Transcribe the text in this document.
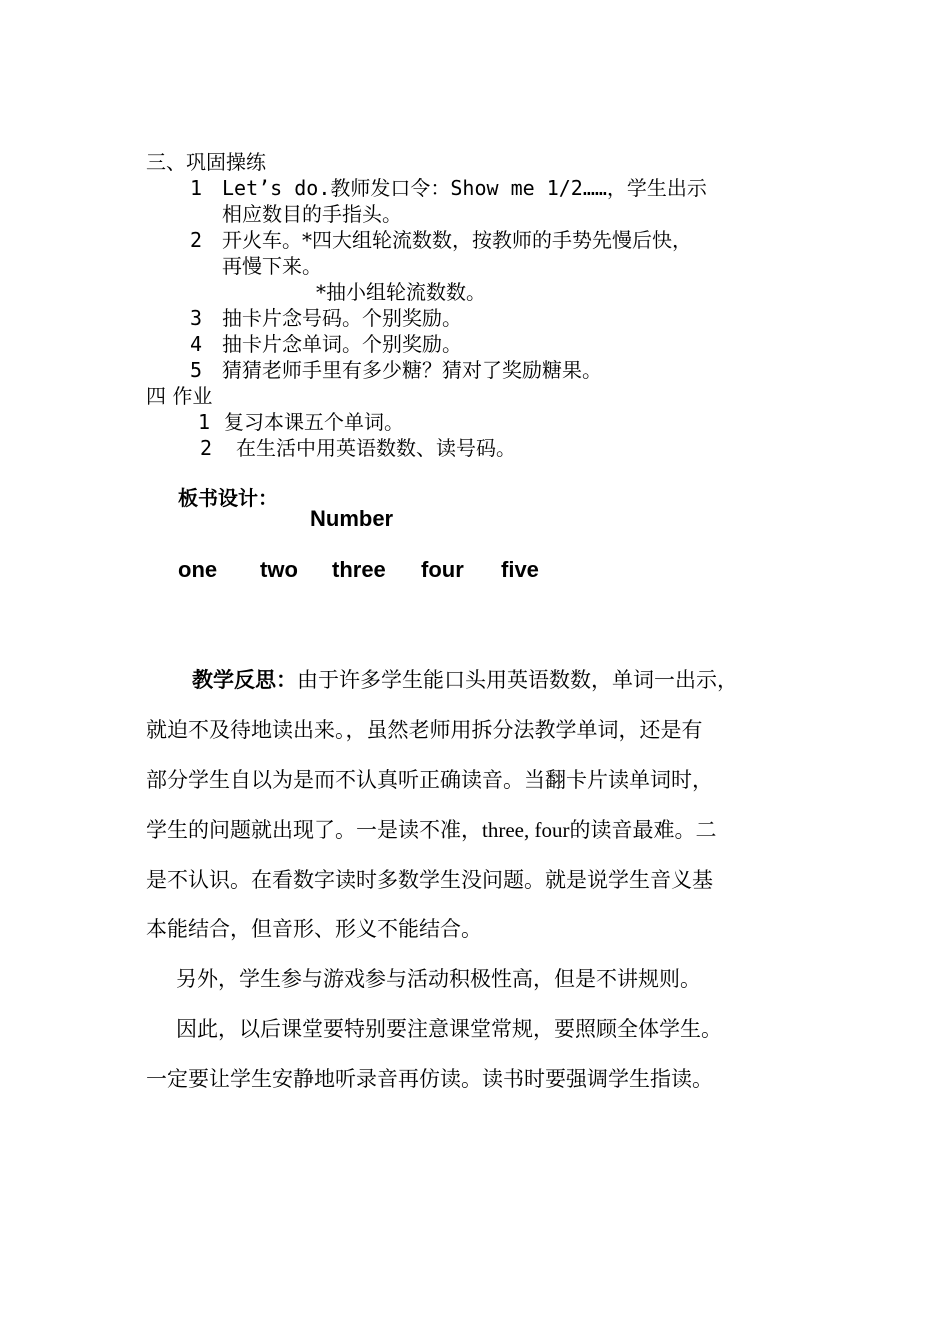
三、巩固操练
1 Let’s do.教师发口令：Show me 1/2……，学生出示
相应数目的手指头。
2 开火车。*四大组轮流数数，按教师的手势先慢后快，
再慢下来。
*抽小组轮流数数。
3 抽卡片念号码。个别奖励。
4 抽卡片念单词。个别奖励。
5 猜猜老师手里有多少糖？猜对了奖励糖果。
四 作业
1 复习本课五个单词。
2 在生活中用英语数数、读号码。
板书设计：
Number
one two three four five
教学反思：由于许多学生能口头用英语数数，单词一出示，
就迫不及待地读出来。，虽然老师用拆分法教学单词，还是有
部分学生自以为是而不认真听正确读音。当翻卡片读单词时，
学生的问题就出现了。一是读不准，three, four的读音最难。二
是不认识。在看数字读时多数学生没问题。就是说学生音义基
本能结合，但音形、形义不能结合。
另外，学生参与游戏参与活动积极性高，但是不讲规则。
因此，以后课堂要特别要注意课堂常规，要照顾全体学生。
一定要让学生安静地听录音再仿读。读书时要强调学生指读。
